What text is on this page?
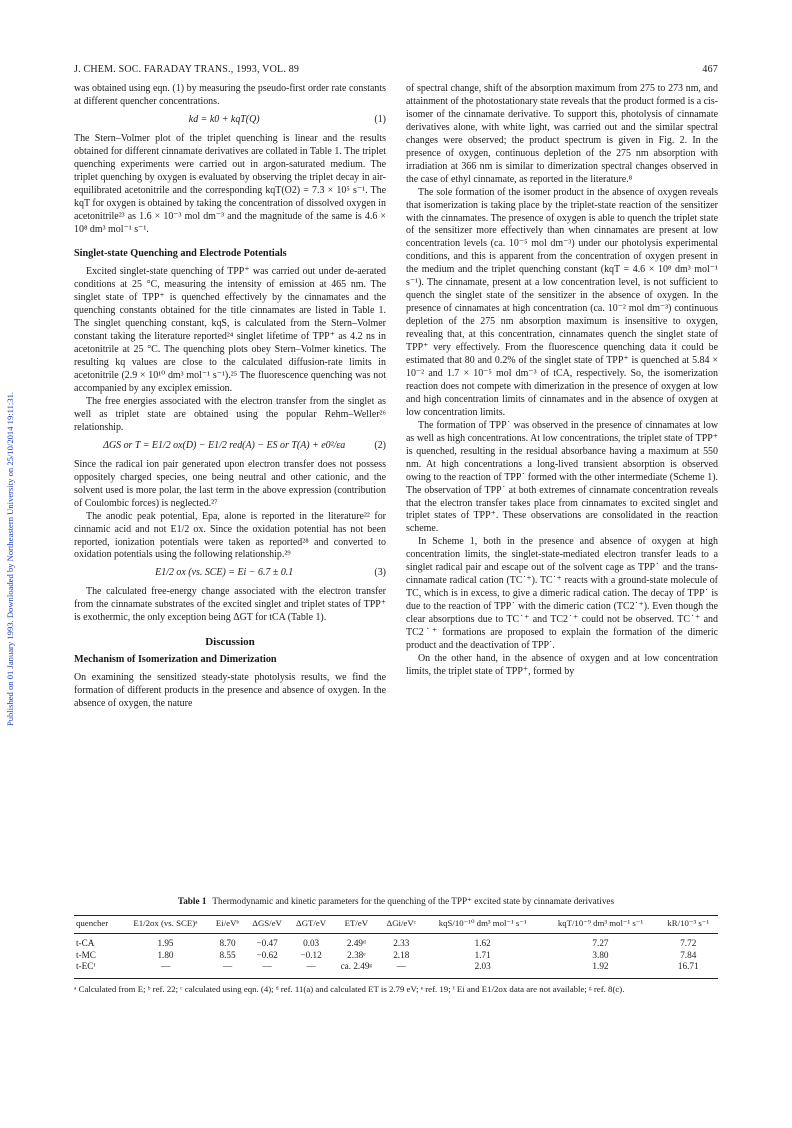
Published on 01 January 1993. Downloaded by Northeastern University on 25/10/2014 19:11:31.
J. CHEM. SOC. FARADAY TRANS., 1993, VOL. 89	467

was obtained using eqn. (1) by measuring the pseudo-first order rate constants at different quencher concentrations.

kd = k0 + kqT(Q)	(1)

The Stern–Volmer plot of the triplet quenching is linear and the results obtained for different cinnamate derivatives are collated in Table 1. The triplet quenching experiments were carried out in argon-saturated medium. The triplet quenching by oxygen is evaluated by observing the triplet decay in air-equilibrated acetonitrile and the corresponding kqT(O2) = 7.3 × 10⁵ s⁻¹. The kqT for oxygen is obtained by taking the concentration of dissolved oxygen in acetonitrile²³ as 1.6 × 10⁻³ mol dm⁻³ and the magnitude of the same is 4.6 × 10⁸ dm³ mol⁻¹ s⁻¹.

Singlet-state Quenching and Electrode Potentials

Excited singlet-state quenching of TPP⁺ was carried out under de-aerated conditions at 25 °C, measuring the intensity of emission at 465 nm. The singlet state of TPP⁺ is quenched effectively by the cinnamates and the quenching constants obtained for the title cinnamates are listed in Table 1. The singlet quenching constant, kqS, is calculated from the Stern–Volmer constant taking the literature reported²⁴ singlet lifetime of TPP⁺ as 4.2 ns in acetonitrile at 25 °C. The quenching plots obey Stern–Volmer kinetics. The resulting kq values are close to the calculated diffusion-rate limits in acetonitrile (2.9 × 10¹⁰ dm³ mol⁻¹ s⁻¹).²⁵ The fluorescence quenching was not accompanied by any exciplex emission.

The free energies associated with the electron transfer from the singlet as well as triplet state are obtained using the popular Rehm–Weller²⁶ relationship.

ΔGS or T = E1/2 ox(D) − E1/2 red(A) − ES or T(A) + e0²/εa	(2)

Since the radical ion pair generated upon electron transfer does not possess oppositely charged species, one being neutral and other cationic, and the solvent used is more polar, the last term in the above expression (contribution of Coulombic forces) is neglected.²⁷

The anodic peak potential, Epa, alone is reported in the literature²² for cinnamic acid and not E1/2 ox. Since the oxidation potential has not been reported, ionization potentials were taken as reported²⁸ and converted to oxidation potentials using the following relationship.²⁹

E1/2 ox (vs. SCE) = Ei − 6.7 ± 0.1	(3)

The calculated free-energy change associated with the electron transfer from the cinnamate substrates of the excited singlet and triplet states of TPP⁺ is exothermic, the only exception being ΔGT for tCA (Table 1).

Discussion
Mechanism of Isomerization and Dimerization

On examining the sensitized steady-state photolysis results, we find the formation of different products in the presence and absence of oxygen. In the absence of oxygen, the nature

of spectral change, shift of the absorption maximum from 275 to 273 nm, and attainment of the photostationary state reveals that the product formed is a cis-isomer of the cinnamate derivative. To support this, photolysis of cinnamate derivatives alone, with white light, was carried out and the similar spectral changes were observed; the product spectrum is given in Fig. 2. In the presence of oxygen, continuous depletion of the 275 nm absorption with irradiation at 366 nm is similar to dimerization spectral changes observed in the case of ethyl cinnamate, as reported in the literature.⁸

The sole formation of the isomer product in the absence of oxygen reveals that isomerization is taking place by the triplet-state reaction of the sensitizer with the cinnamates. The presence of oxygen is able to quench the triplet state of the sensitizer more effectively than when cinnamates are present at low concentration levels (ca. 10⁻⁵ mol dm⁻³) under our photolysis experimental conditions, and this is apparent from the concentration of oxygen present in the medium and the triplet quenching constant (kqT = 4.6 × 10⁸ dm³ mol⁻¹ s⁻¹). The cinnamate, present at a low concentration level, is not sufficient to quench the singlet state of the sensitizer in the absence of oxygen. In the presence of cinnamates at high concentration (ca. 10⁻² mol dm⁻³) continuous depletion of the 275 nm absorption maximum is insensitive to oxygen, revealing that, at this concentration, cinnamates quench the singlet state of TPP⁺ very effectively. From the fluorescence quenching data it could be estimated that 80 and 0.2% of the singlet state of TPP⁺ is quenched at 5.84 × 10⁻² and 1.7 × 10⁻⁵ mol dm⁻³ of tCA, respectively. So, the isomerization reaction does not compete with dimerization in the presence of oxygen at low and high concentration limits of cinnamates and in the absence of oxygen at low concentration limits.

The formation of TPP˙ was observed in the presence of cinnamates at low as well as high concentrations. At low concentrations, the triplet state of TPP⁺ is quenched, resulting in the residual absorbance having a maximum at 550 nm. At high concentrations a long-lived transient absorption is observed owing to the reaction of TPP˙ formed with the other intermediate (Scheme 1). The observation of TPP˙ at both extremes of cinnamate concentration reveals that the electron transfer takes place from cinnamates to excited singlet and triplet states of TPP⁺. These observations are consolidated in the reaction scheme.

In Scheme 1, both in the presence and absence of oxygen at high concentration limits, the singlet-state-mediated electron transfer leads to a singlet radical pair and escape out of the solvent cage as TPP˙ and the trans-cinnamate radical cation (TC˙⁺). TC˙⁺ reacts with a ground-state molecule of TC, which is in excess, to give a dimeric radical cation. The decay of TPP˙ is due to the reaction of TPP˙ with the dimeric cation (TC2˙⁺). Even though the clear absorptions due to TC˙⁺ and TC2˙⁺ could not be observed. TC˙⁺ and TC2˙⁺ formations are proposed to explain the formation of the dimeric product and the deactivation of TPP˙.

On the other hand, in the absence of oxygen and at low concentration limits, the triplet state of TPP⁺, formed by

Table 1 Thermodynamic and kinetic parameters for the quenching of the TPP⁺ excited state by cinnamate derivatives
quencher	E1/2ox (vs. SCE)ᵃ	Ei/eVᵇ	ΔGS/eV	ΔGT/eV	ET/eV	ΔGi/eVᶜ	kqS/10⁻¹⁰ dm³ mol⁻¹ s⁻¹	kqT/10⁻⁹ dm³ mol⁻¹ s⁻¹	kR/10⁻³ s⁻¹
t-CA	1.95	8.70	−0.47	0.03	2.49ᵈ	2.33	1.62	7.27	7.72
t-MC	1.80	8.55	−0.62	−0.12	2.38ᵉ	2.18	1.71	3.80	7.84
t-ECᶠ	—	—	—	—	ca. 2.49ᵍ	—	2.03	1.92	16.71
ᵃ Calculated from E; ᵇ ref. 22; ᶜ calculated using eqn. (4); ᵈ ref. 11(a) and calculated ET is 2.79 eV; ᵉ ref. 19; ᶠ Ei and E1/2ox data are not available; ᵍ ref. 8(c).
